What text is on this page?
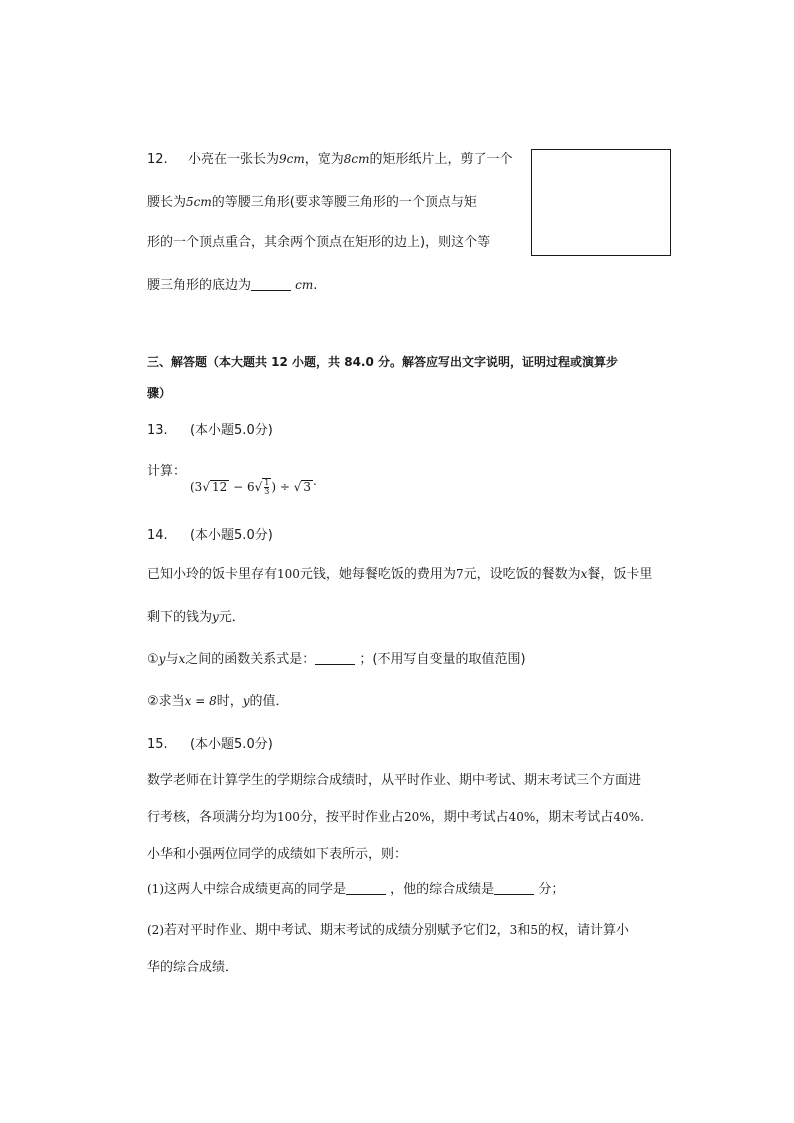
12. 小亮在一张长为9cm，宽为8cm的矩形纸片上，剪了一个
腰长为5cm的等腰三角形(要求等腰三角形的一个顶点与矩
形的一个顶点重合，其余两个顶点在矩形的边上)，则这个等
腰三角形的底边为	cm.
三、解答题（本大题共 12 小题，共 84.0 分。解答应写出文字说明，证明过程或演算步
骤）
13. (本小题5.0分)
计算：
(3√ $12 - 6√ \frac{1}{3}$ ) ÷ √ 3 .
14. (本小题5.0分)
已知小玲的饭卡里存有100元钱，她每餐吃饭的费用为7元，设吃饭的餐数为x餐，饭卡里
剩下的钱为y元．
①y与x之间的函数关系式是：	；(不用写自变量的取值范围)
②求当x = 8时，y的值．
15. (本小题5.0分)
数学老师在计算学生的学期综合成绩时，从平时作业、期中考试、期末考试三个方面进
行考核，各项满分均为100分，按平时作业占20%，期中考试占40%，期末考试占40%.
小华和小强两位同学的成绩如下表所示，则：
(1)这两人中综合成绩更高的同学是	，他的综合成绩是	分；
(2)若对平时作业、期中考试、期末考试的成绩分别赋予它们2，3和5的权，请计算小
华的综合成绩．
